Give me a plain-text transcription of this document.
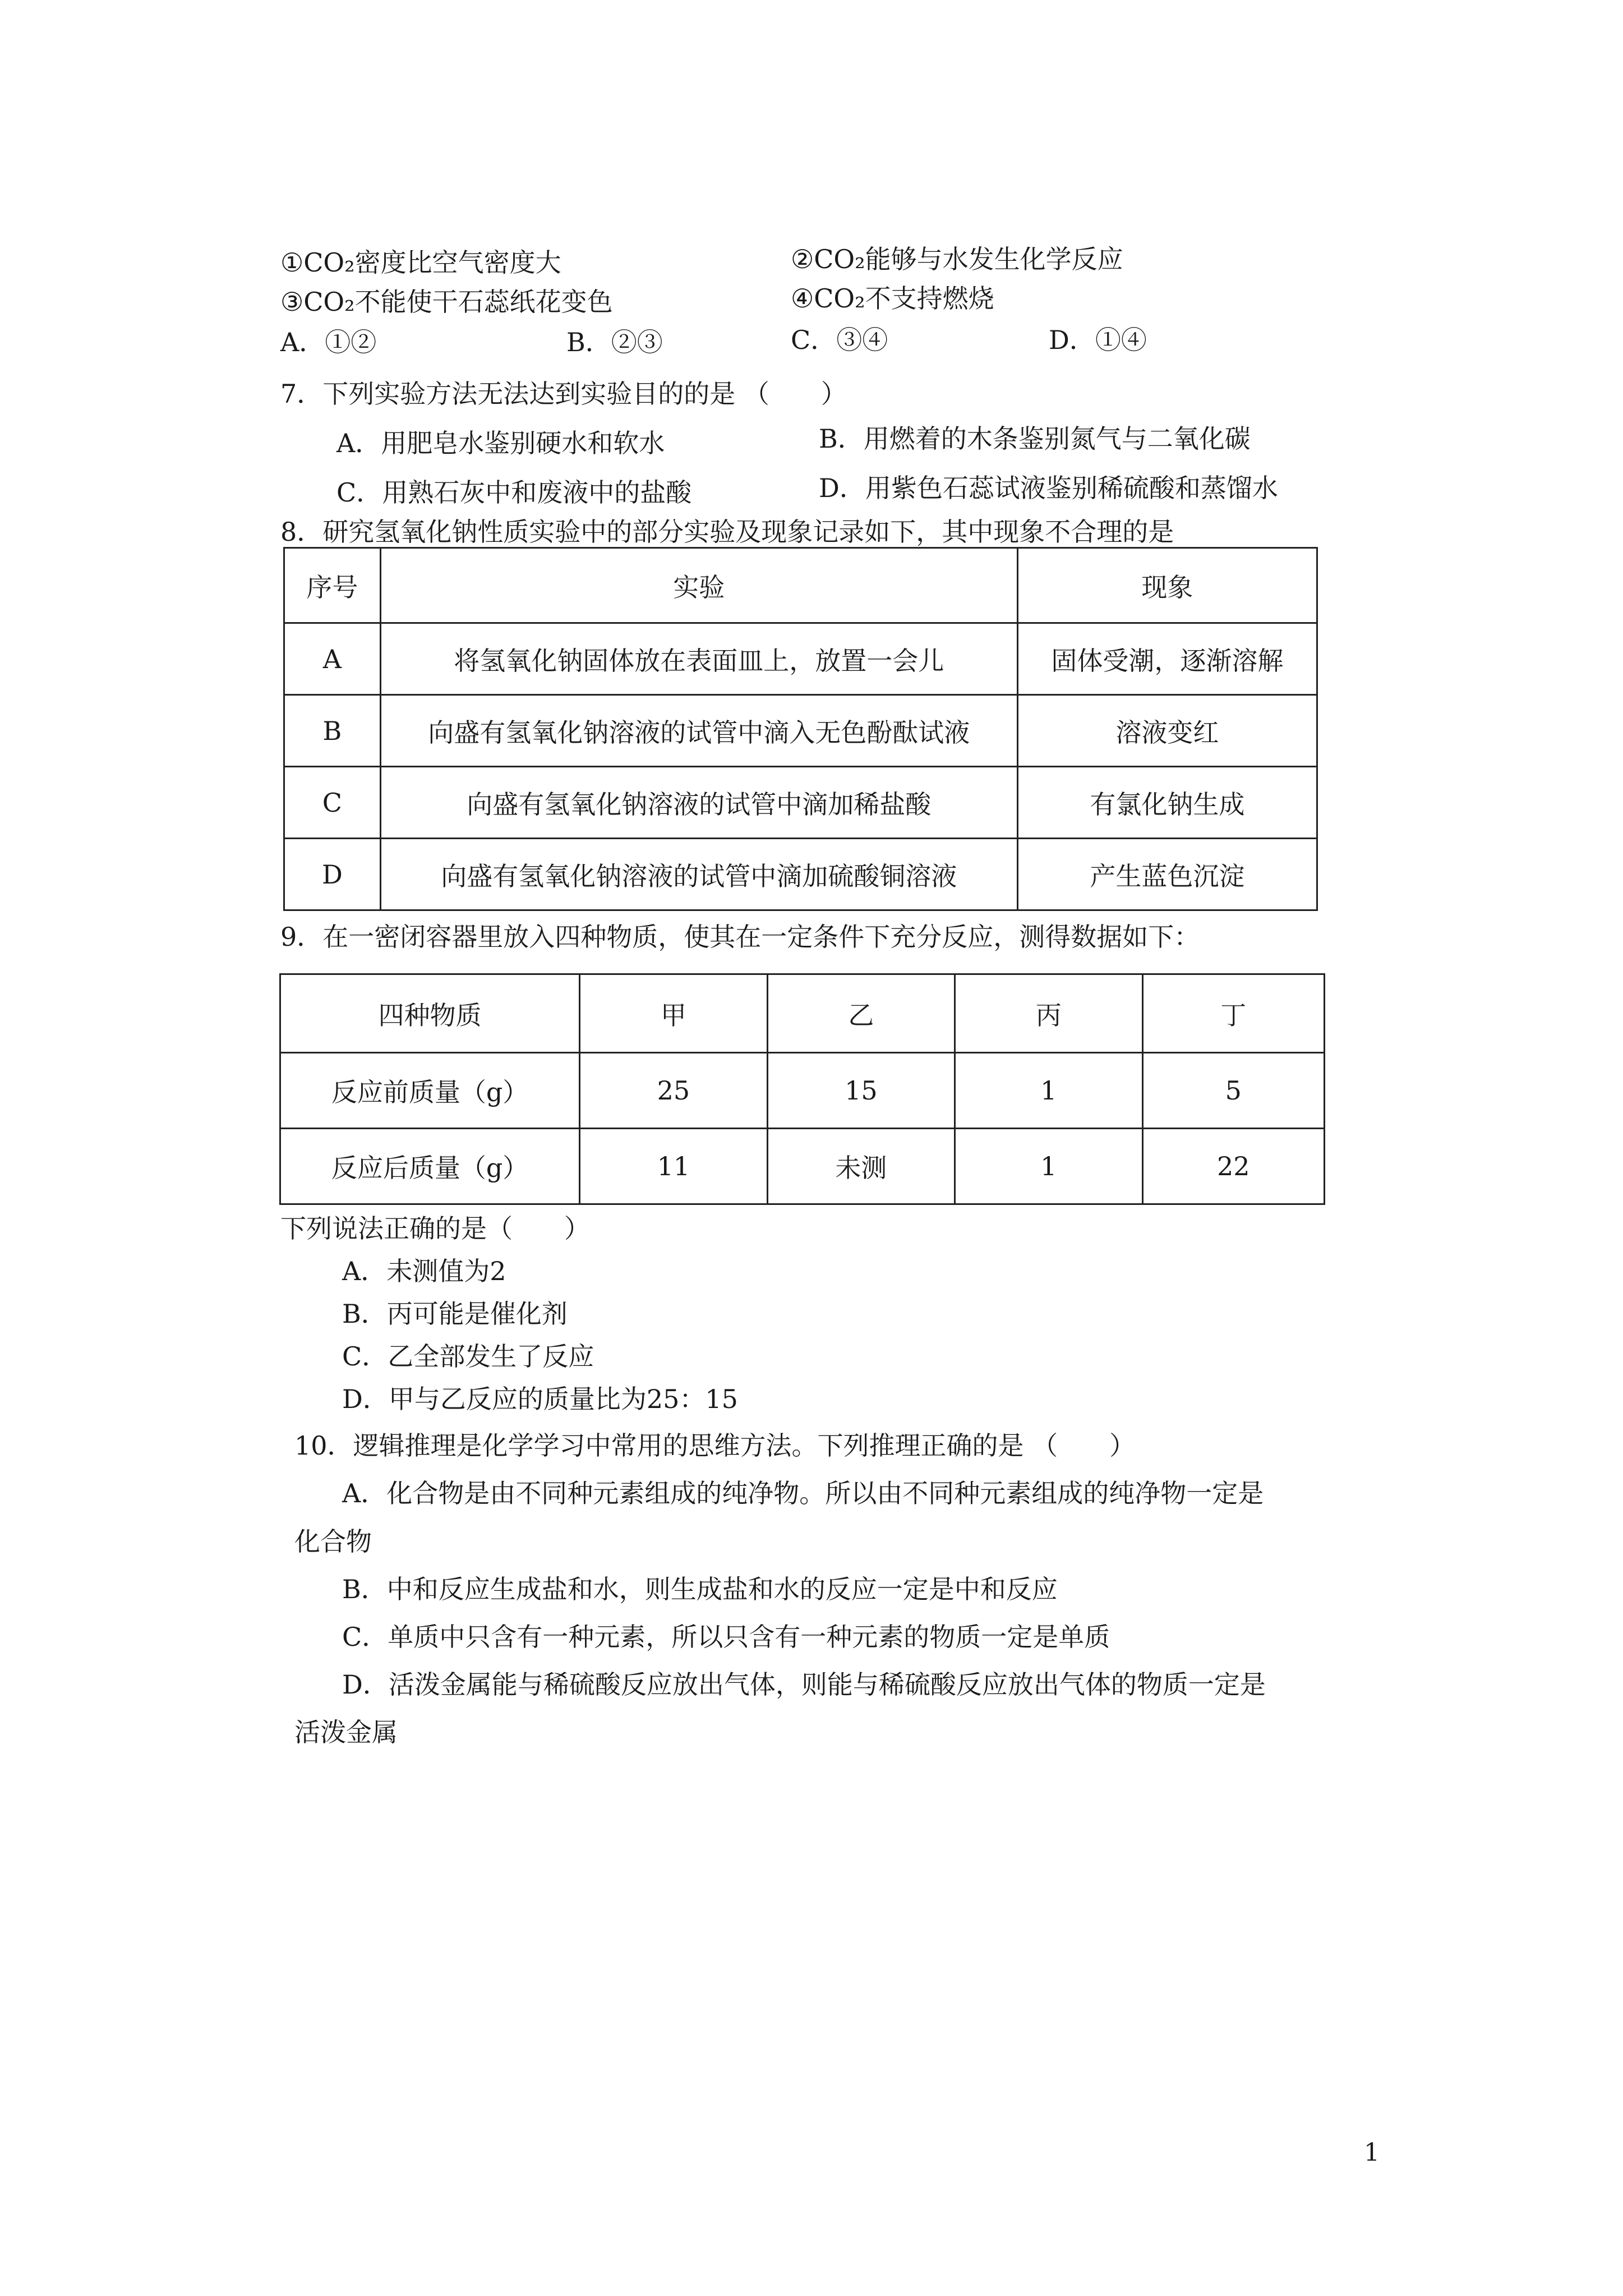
①CO₂密度比空气密度大	②CO₂能够与水发生化学反应
③CO₂不能使干石蕊纸花变色	④CO₂不支持燃烧
A．①②	B．②③	C．③④	D．①④
7．下列实验方法无法达到实验目的的是 （　　）
A．用肥皂水鉴别硬水和软水	B．用燃着的木条鉴别氮气与二氧化碳
C．用熟石灰中和废液中的盐酸	D．用紫色石蕊试液鉴别稀硫酸和蒸馏水
8．研究氢氧化钠性质实验中的部分实验及现象记录如下，其中现象不合理的是
序号	实验	现象
A	将氢氧化钠固体放在表面皿上，放置一会儿	固体受潮，逐渐溶解
B	向盛有氢氧化钠溶液的试管中滴入无色酚酞试液	溶液变红
C	向盛有氢氧化钠溶液的试管中滴加稀盐酸	有氯化钠生成
D	向盛有氢氧化钠溶液的试管中滴加硫酸铜溶液	产生蓝色沉淀
9．在一密闭容器里放入四种物质，使其在一定条件下充分反应，测得数据如下：
四种物质	甲	乙	丙	丁
反应前质量（g）	25	15	1	5
反应后质量（g）	11	未测	1	22
下列说法正确的是（　　）
A．未测值为2
B．丙可能是催化剂
C．乙全部发生了反应
D．甲与乙反应的质量比为25：15
10．逻辑推理是化学学习中常用的思维方法。下列推理正确的是 （　　）
A．化合物是由不同种元素组成的纯净物。所以由不同种元素组成的纯净物一定是
化合物
B．中和反应生成盐和水，则生成盐和水的反应一定是中和反应
C．单质中只含有一种元素，所以只含有一种元素的物质一定是单质
D．活泼金属能与稀硫酸反应放出气体，则能与稀硫酸反应放出气体的物质一定是
活泼金属
1
